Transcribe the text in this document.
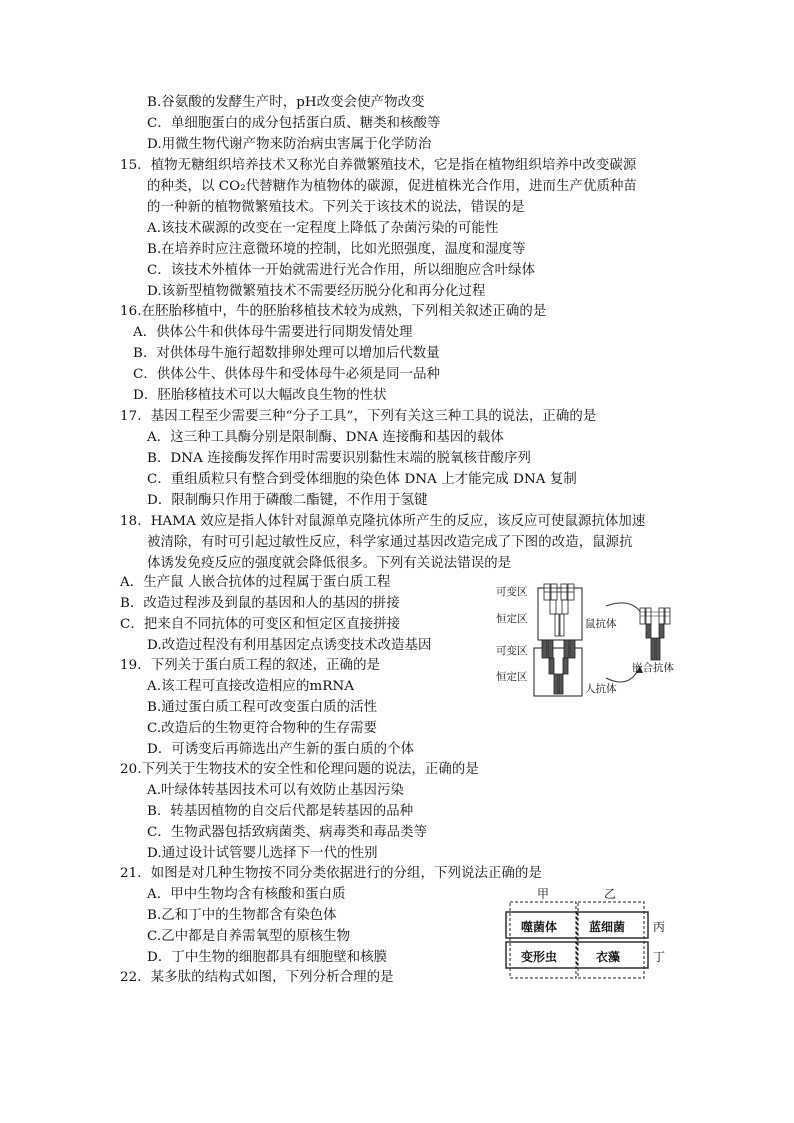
B.谷氨酸的发酵生产时，pH改变会使产物改变
C．单细胞蛋白的成分包括蛋白质、糖类和核酸等
D.用微生物代谢产物来防治病虫害属于化学防治
15．植物无糖组织培养技术又称光自养微繁殖技术，它是指在植物组织培养中改变碳源
的种类，以 CO₂代替糖作为植物体的碳源，促进植株光合作用，进而生产优质种苗
的一种新的植物微繁殖技术。下列关于该技术的说法，错误的是
A.该技术碳源的改变在一定程度上降低了杂菌污染的可能性
B.在培养时应注意微环境的控制，比如光照强度，温度和湿度等
C．该技术外植体一开始就需进行光合作用，所以细胞应含叶绿体
D.该新型植物微繁殖技术不需要经历脱分化和再分化过程
16.在胚胎移植中，牛的胚胎移植技术较为成熟，下列相关叙述正确的是
A．供体公牛和供体母牛需要进行同期发情处理
B．对供体母牛施行超数排卵处理可以增加后代数量
C．供体公牛、供体母牛和受体母牛必须是同一品种
D．胚胎移植技术可以大幅改良生物的性状
17．基因工程至少需要三种“分子工具”，下列有关这三种工具的说法，正确的是
A．这三种工具酶分别是限制酶、DNA 连接酶和基因的载体
B．DNA 连接酶发挥作用时需要识别黏性末端的脱氧核苷酸序列
C．重组质粒只有整合到受体细胞的染色体 DNA 上才能完成 DNA 复制
D．限制酶只作用于磷酸二酯键，不作用于氢键
18．HAMA 效应是指人体针对鼠源单克隆抗体所产生的反应，该反应可使鼠源抗体加速
被清除，有时可引起过敏性反应，科学家通过基因改造完成了下图的改造，鼠源抗
体诱发免疫反应的强度就会降低很多。下列有关说法错误的是
A．生产鼠 人嵌合抗体的过程属于蛋白质工程
B．改造过程涉及到鼠的基因和人的基因的拼接
C．把来自不同抗体的可变区和恒定区直接拼接
D.改造过程没有利用基因定点诱变技术改造基因
19．下列关于蛋白质工程的叙述，正确的是
A.该工程可直接改造相应的mRNA
B.通过蛋白质工程可改变蛋白质的活性
C.改造后的生物更符合物种的生存需要
D．可诱变后再筛选出产生新的蛋白质的个体
20.下列关于生物技术的安全性和伦理问题的说法，正确的是
A.叶绿体转基因技术可以有效防止基因污染
B．转基因植物的自交后代都是转基因的品种
C．生物武器包括致病菌类、病毒类和毒品类等
D.通过设计试管婴儿选择下一代的性别
21．如图是对几种生物按不同分类依据进行的分组，下列说法正确的是
A．甲中生物均含有核酸和蛋白质
B.乙和丁中的生物都含有染色体
C.乙中都是自养需氧型的原核生物
D．丁中生物的细胞都具有细胞壁和核膜
22．某多肽的结构式如图，下列分析合理的是
可变区
恒定区	鼠抗体
可变区
恒定区
人抗体
嵌合抗体
甲	乙
噬菌体	蓝细菌 丙
变形虫	衣藻	丁
